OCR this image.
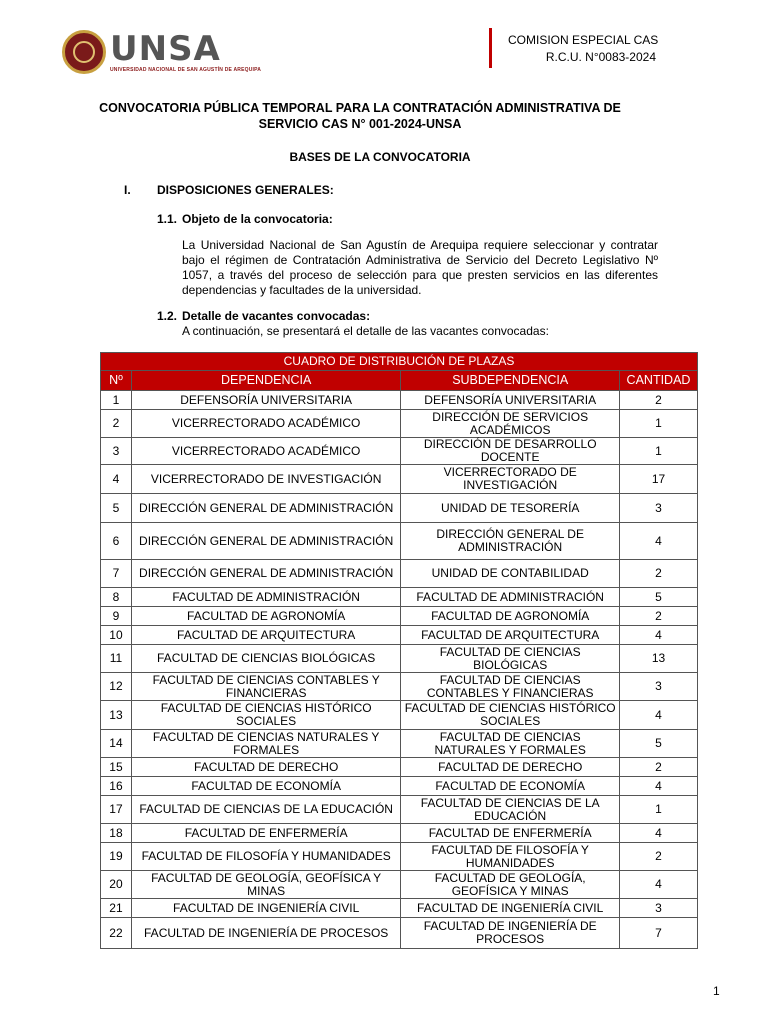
UNSA
UNIVERSIDAD NACIONAL DE SAN AGUSTÍN DE AREQUIPA
COMISION ESPECIAL CAS
R.C.U. N°0083-2024
CONVOCATORIA PÚBLICA TEMPORAL PARA LA CONTRATACIÓN ADMINISTRATIVA DE
SERVICIO CAS N° 001-2024-UNSA
BASES DE LA CONVOCATORIA
I. DISPOSICIONES GENERALES:
1.1. Objeto de la convocatoria:
La Universidad Nacional de San Agustín de Arequipa requiere seleccionar y contratar bajo el régimen de Contratación Administrativa de Servicio del Decreto Legislativo Nº 1057, a través del proceso de selección para que presten servicios en las diferentes dependencias y facultades de la universidad.
1.2. Detalle de vacantes convocadas:
A continuación, se presentará el detalle de las vacantes convocadas:
CUADRO DE DISTRIBUCIÓN DE PLAZAS			
Nº	DEPENDENCIA	SUBDEPENDENCIA	CANTIDAD
1	DEFENSORÍA UNIVERSITARIA	DEFENSORÍA UNIVERSITARIA	2
2	VICERRECTORADO ACADÉMICO	DIRECCIÓN DE SERVICIOS ACADÉMICOS	1
3	VICERRECTORADO ACADÉMICO	DIRECCIÓN DE DESARROLLO DOCENTE	1
4	VICERRECTORADO DE INVESTIGACIÓN	VICERRECTORADO DE INVESTIGACIÓN	17
5	DIRECCIÓN GENERAL DE ADMINISTRACIÓN	UNIDAD DE TESORERÍA	3
6	DIRECCIÓN GENERAL DE ADMINISTRACIÓN	DIRECCIÓN GENERAL DE ADMINISTRACIÓN	4
7	DIRECCIÓN GENERAL DE ADMINISTRACIÓN	UNIDAD DE CONTABILIDAD	2
8	FACULTAD DE ADMINISTRACIÓN	FACULTAD DE ADMINISTRACIÓN	5
9	FACULTAD DE AGRONOMÍA	FACULTAD DE AGRONOMÍA	2
10	FACULTAD DE ARQUITECTURA	FACULTAD DE ARQUITECTURA	4
11	FACULTAD DE CIENCIAS BIOLÓGICAS	FACULTAD DE CIENCIAS BIOLÓGICAS	13
12	FACULTAD DE CIENCIAS CONTABLES Y FINANCIERAS	FACULTAD DE CIENCIAS CONTABLES Y FINANCIERAS	3
13	FACULTAD DE CIENCIAS HISTÓRICO SOCIALES	FACULTAD DE CIENCIAS HISTÓRICO SOCIALES	4
14	FACULTAD DE CIENCIAS NATURALES Y FORMALES	FACULTAD DE CIENCIAS NATURALES Y FORMALES	5
15	FACULTAD DE DERECHO	FACULTAD DE DERECHO	2
16	FACULTAD DE ECONOMÍA	FACULTAD DE ECONOMÍA	4
17	FACULTAD DE CIENCIAS DE LA EDUCACIÓN	FACULTAD DE CIENCIAS DE LA EDUCACIÓN	1
18	FACULTAD DE ENFERMERÍA	FACULTAD DE ENFERMERÍA	4
19	FACULTAD DE FILOSOFÍA Y HUMANIDADES	FACULTAD DE FILOSOFÍA Y HUMANIDADES	2
20	FACULTAD DE GEOLOGÍA, GEOFÍSICA Y MINAS	FACULTAD DE GEOLOGÍA, GEOFÍSICA Y MINAS	4
21	FACULTAD DE INGENIERÍA CIVIL	FACULTAD DE INGENIERÍA CIVIL	3
22	FACULTAD DE INGENIERÍA DE PROCESOS	FACULTAD DE INGENIERÍA DE PROCESOS	7
1
